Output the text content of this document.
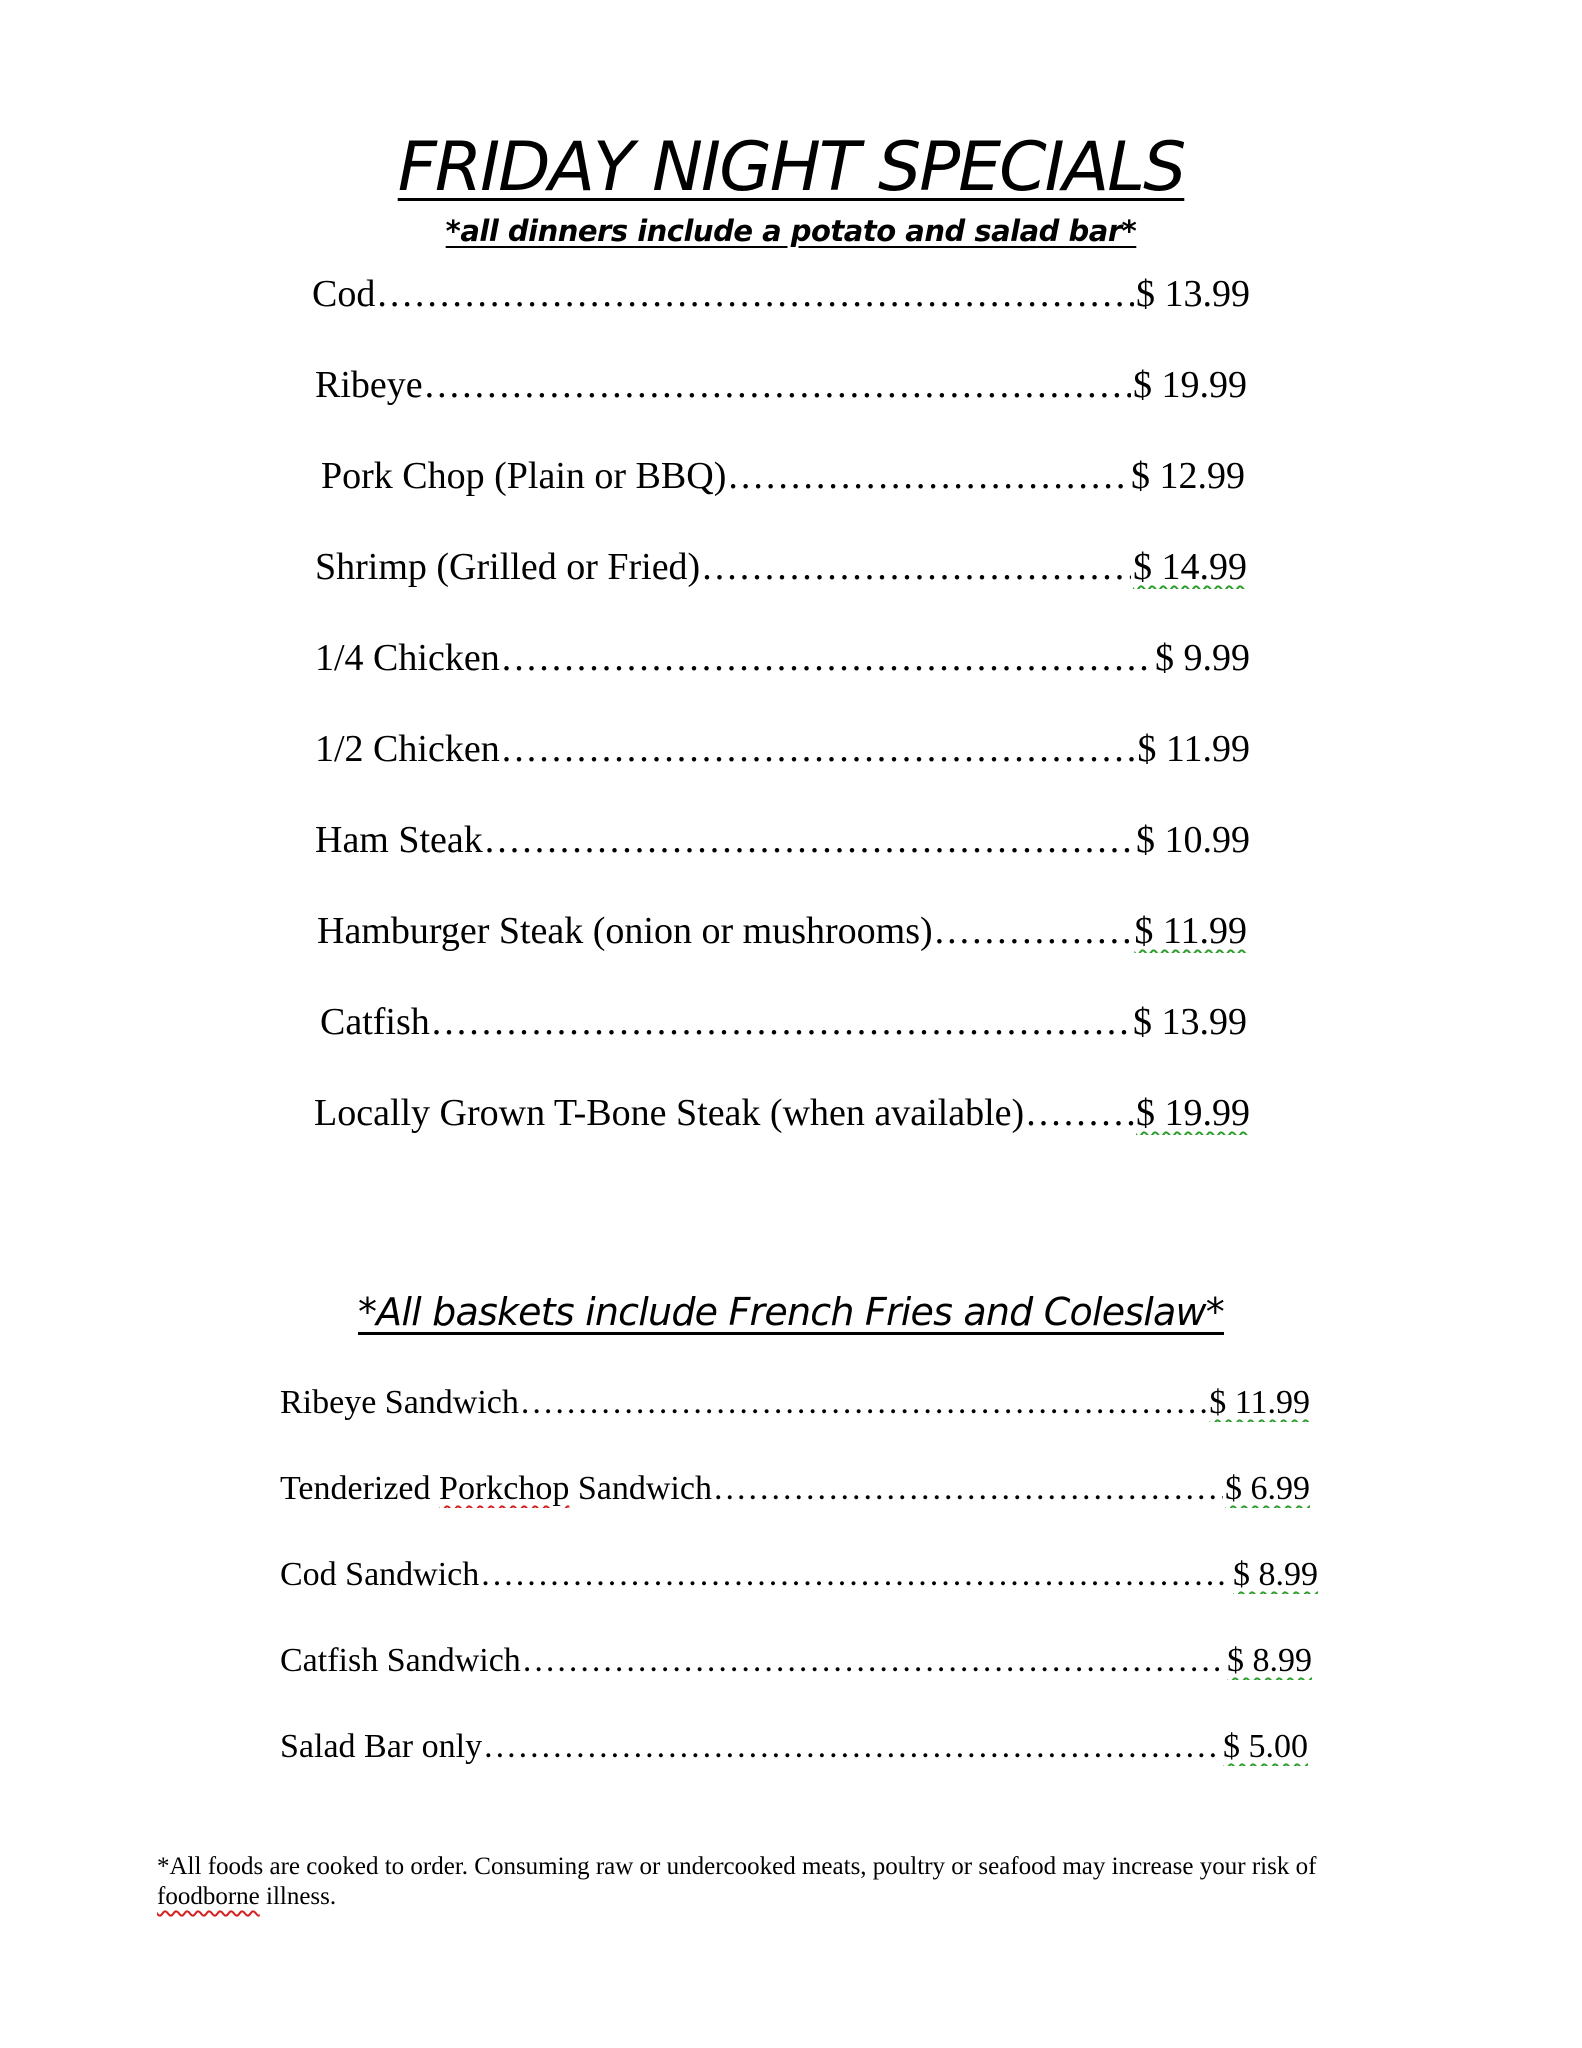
FRIDAY NIGHT SPECIALS
*all dinners include a potato and salad bar*
Cod .....	$ 13.99
Ribeye .....	$ 19.99
Pork Chop (Plain or BBQ) .....	$ 12.99
Shrimp (Grilled or Fried) .....	$ 14.99
1/4 Chicken .....	$ 9.99
1/2 Chicken .....	$ 11.99
Ham Steak .....	$ 10.99
Hamburger Steak (onion or mushrooms) .....	$ 11.99
Catfish .....	$ 13.99
Locally Grown T-Bone Steak (when available) .....	$ 19.99
*All baskets include French Fries and Coleslaw*
Ribeye Sandwich .....	$ 11.99
Tenderized Porkchop Sandwich .....	$ 6.99
Cod Sandwich .....	$ 8.99
Catfish Sandwich .....	$ 8.99
Salad Bar only .....	$ 5.00
*All foods are cooked to order. Consuming raw or undercooked meats, poultry or seafood may increase your risk of foodborne illness.
